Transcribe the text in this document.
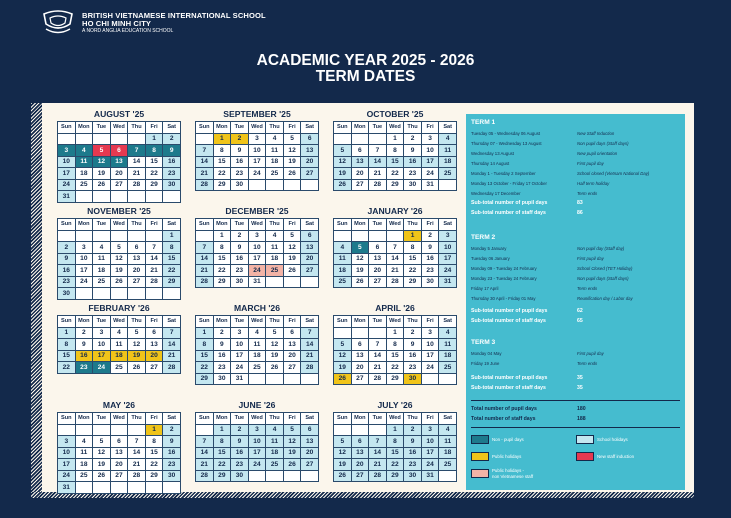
BRITISH VIETNAMESE INTERNATIONAL SCHOOL
HO CHI MINH CITY
A NORD ANGLIA EDUCATION SCHOOL
ACADEMIC YEAR 2025 - 2026
TERM DATES
AUGUST '25
Sun	Mon	Tue	Wed	Thu	Fri	Sat
					1	2
3	4	5	6	7	8	9
10	11	12	13	14	15	16
17	18	19	20	21	22	23
24	25	26	27	28	29	30
31						
SEPTEMBER '25
Sun	Mon	Tue	Wed	Thu	Fri	Sat
	1	2	3	4	5	6
7	8	9	10	11	12	13
14	15	16	17	18	19	20
21	22	23	24	25	26	27
28	29	30				
OCTOBER '25
Sun	Mon	Tue	Wed	Thu	Fri	Sat
			1	2	3	4
5	6	7	8	9	10	11
12	13	14	15	16	17	18
19	20	21	22	23	24	25
26	27	28	29	30	31	
NOVEMBER '25
Sun	Mon	Tue	Wed	Thu	Fri	Sat
						1
2	3	4	5	6	7	8
9	10	11	12	13	14	15
16	17	18	19	20	21	22
23	24	25	26	27	28	29
30						
DECEMBER '25
Sun	Mon	Tue	Wed	Thu	Fri	Sat
	1	2	3	4	5	6
7	8	9	10	11	12	13
14	15	16	17	18	19	20
21	22	23	24	25	26	27
28	29	30	31			
JANUARY '26
Sun	Mon	Tue	Wed	Thu	Fri	Sat
				1	2	3
4	5	6	7	8	9	10
11	12	13	14	15	16	17
18	19	20	21	22	23	24
25	26	27	28	29	30	31
FEBRUARY '26
Sun	Mon	Tue	Wed	Thu	Fri	Sat
1	2	3	4	5	6	7
8	9	10	11	12	13	14
15	16	17	18	19	20	21
22	23	24	25	26	27	28
MARCH '26
Sun	Mon	Tue	Wed	Thu	Fri	Sat
1	2	3	4	5	6	7
8	9	10	11	12	13	14
15	16	17	18	19	20	21
22	23	24	25	26	27	28
29	30	31				
APRIL '26
Sun	Mon	Tue	Wed	Thu	Fri	Sat
			1	2	3	4
5	6	7	8	9	10	11
12	13	14	15	16	17	18
19	20	21	22	23	24	25
26	27	28	29	30		
MAY '26
Sun	Mon	Tue	Wed	Thu	Fri	Sat
					1	2
3	4	5	6	7	8	9
10	11	12	13	14	15	16
17	18	19	20	21	22	23
24	25	26	27	28	29	30
31						
JUNE '26
Sun	Mon	Tue	Wed	Thu	Fri	Sat
	1	2	3	4	5	6
7	8	9	10	11	12	13
14	15	16	17	18	19	20
21	22	23	24	25	26	27
28	29	30				
JULY '26
Sun	Mon	Tue	Wed	Thu	Fri	Sat
			1	2	3	4
5	6	7	8	9	10	11
12	13	14	15	16	17	18
19	20	21	22	23	24	25
26	27	28	29	30	31	
TERM 1
Tuesday 05 - Wednesday 06 August	New Staff Induction
Thursday 07 - Wednesday 13 August	Non pupil days (Staff days)
Wednesday 13 August	New pupil orientation
Thursday 14 August	First pupil day
Monday 1 - Tuesday 2 September	School closed (Vietnam National Day)
Monday 13 October - Friday 17 October	Half term holiday
Wednesday 17 December	Term ends
Sub-total number of pupil days	83
Sub-total number of staff days	86
TERM 2
Monday 5 January	Non pupil day (Staff day)
Tuesday 06 January	First pupil day
Monday 09 - Tuesday 24 February	School Closed (TET Holiday)
Monday 23 - Tuesday 24 February	Non pupil days (Staff days)
Friday 17 April	Term ends
Thursday 30 April - Friday 01 May	Reunification day / Labor day
Sub-total number of pupil days	62
Sub-total number of staff days	65
TERM 3
Monday 04 May	First pupil day
Friday 19 June	Term ends
Sub-total number of pupil days	35
Sub-total number of staff days	35
Total number of pupil days	180
Total number of staff days	188
Non - pupil days	School holidays
Public holidays	New staff induction
Public holidays -
non Vietnamese staff
